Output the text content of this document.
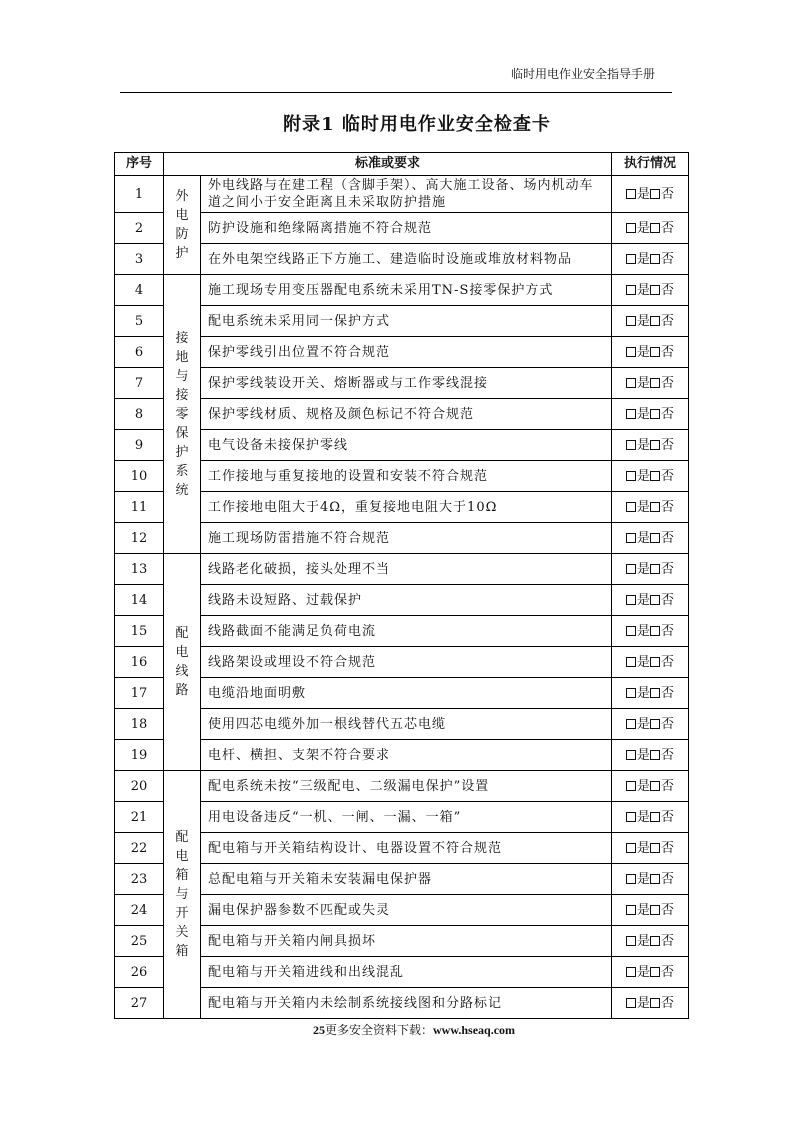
临时用电作业安全指导手册
附录1 临时用电作业安全检查卡
序号	标准或要求		执行情况
1	外电防护	外电线路与在建工程（含脚手架）、高大施工设备、场内机动车道之间小于安全距离且未采取防护措施	是 否
2		防护设施和绝缘隔离措施不符合规范	是 否
3		在外电架空线路正下方施工、建造临时设施或堆放材料物品	是 否
4	接地与接零保护系统	施工现场专用变压器配电系统未采用TN-S接零保护方式	是 否
5		配电系统未采用同一保护方式	是 否
6		保护零线引出位置不符合规范	是 否
7		保护零线装设开关、熔断器或与工作零线混接	是 否
8		保护零线材质、规格及颜色标记不符合规范	是 否
9		电气设备未接保护零线	是 否
10		工作接地与重复接地的设置和安装不符合规范	是 否
11		工作接地电阻大于4Ω，重复接地电阻大于10Ω	是 否
12		施工现场防雷措施不符合规范	是 否
13	配电线路	线路老化破损，接头处理不当	是 否
14		线路未设短路、过载保护	是 否
15		线路截面不能满足负荷电流	是 否
16		线路架设或埋设不符合规范	是 否
17		电缆沿地面明敷	是 否
18		使用四芯电缆外加一根线替代五芯电缆	是 否
19		电杆、横担、支架不符合要求	是 否
20	配电箱与开关箱	配电系统未按“三级配电、二级漏电保护”设置	是 否
21		用电设备违反“一机、一闸、一漏、一箱”	是 否
22		配电箱与开关箱结构设计、电器设置不符合规范	是 否
23		总配电箱与开关箱未安装漏电保护器	是 否
24		漏电保护器参数不匹配或失灵	是 否
25		配电箱与开关箱内闸具损坏	是 否
26		配电箱与开关箱进线和出线混乱	是 否
27		配电箱与开关箱内未绘制系统接线图和分路标记	是 否
25更多安全资料下载：www.hseaq.com
